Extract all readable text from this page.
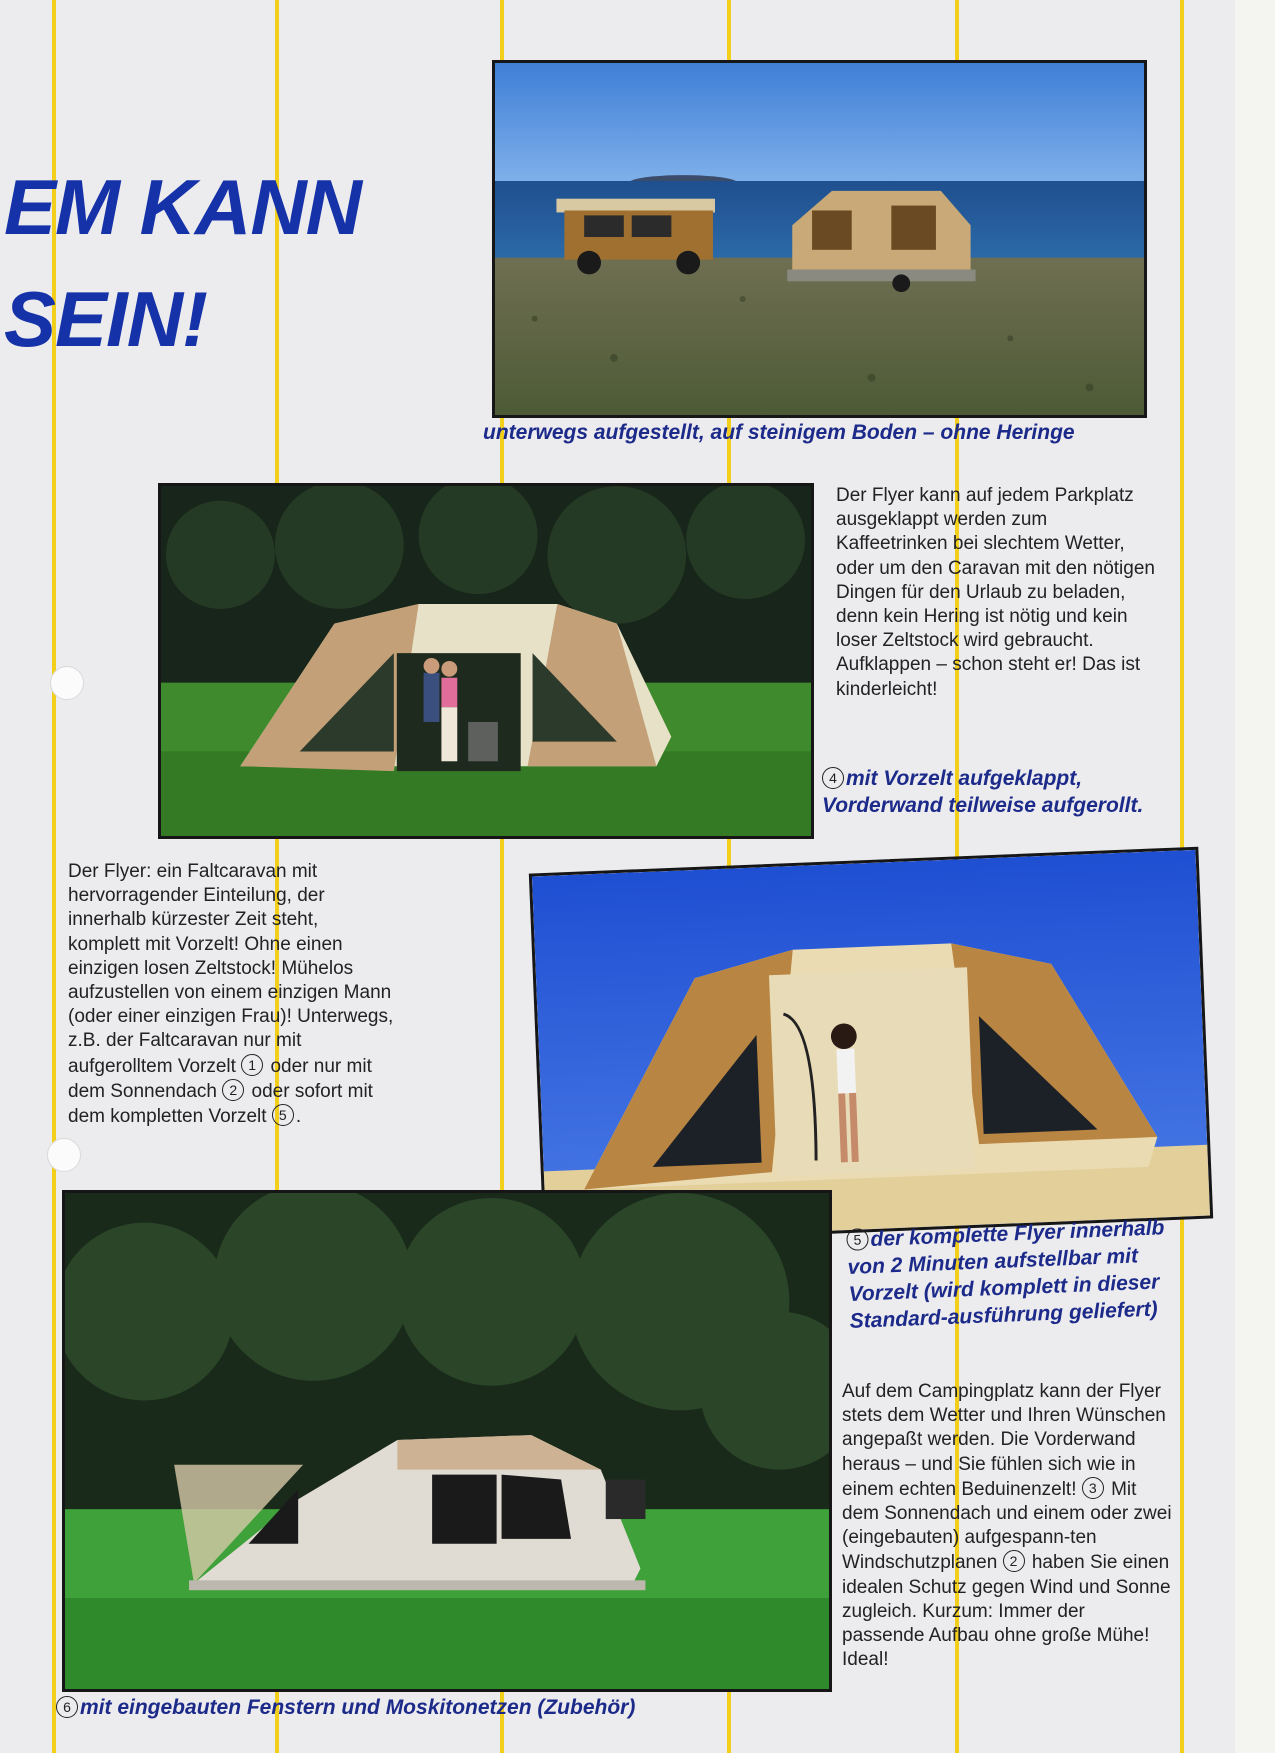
EM KANN
SEIN!
unterwegs aufgestellt, auf steinigem Boden – ohne Heringe
Der Flyer kann auf jedem Parkplatz ausgeklappt werden zum Kaffeetrinken bei slechtem Wetter, oder um den Caravan mit den nötigen Dingen für den Urlaub zu beladen, denn kein Hering ist nötig und kein loser Zeltstock wird gebraucht. Aufklappen – schon steht er! Das ist kinderleicht!
4 mit Vorzelt aufgeklappt, Vorderwand teilweise aufgerollt.
Der Flyer: ein Faltcaravan mit hervorragender Einteilung, der innerhalb kürzester Zeit steht, komplett mit Vorzelt! Ohne einen einzigen losen Zeltstock! Mühelos aufzustellen von einem einzigen Mann (oder einer einzigen Frau)! Unterwegs, z.B. der Faltcaravan nur mit aufgerolltem Vorzelt 1 oder nur mit dem Sonnendach 2 oder sofort mit dem kompletten Vorzelt 5 .
5 der komplette Flyer innerhalb von 2 Minuten aufstellbar mit Vorzelt (wird komplett in dieser Standard-ausführung geliefert)
Auf dem Campingplatz kann der Flyer stets dem Wetter und Ihren Wünschen angepaßt werden. Die Vorderwand heraus – und Sie fühlen sich wie in einem echten Beduinenzelt! 3 Mit dem Sonnendach und einem oder zwei (eingebauten) aufgespann-ten Windschutzplanen 2 haben Sie einen idealen Schutz gegen Wind und Sonne zugleich. Kurzum: Immer der passende Aufbau ohne große Mühe! Ideal!
6 mit eingebauten Fenstern und Moskitonetzen (Zubehör)
